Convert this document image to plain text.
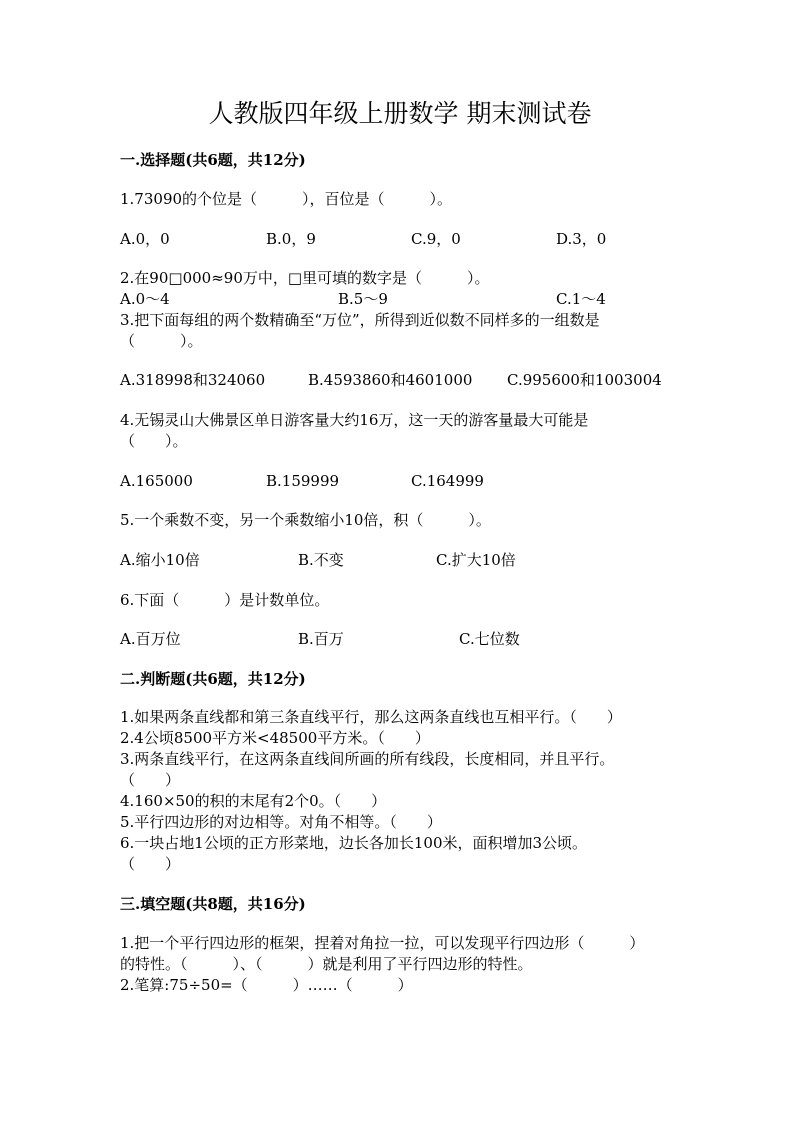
人教版四年级上册数学 期末测试卷
一.选择题(共6题，共12分)
1.73090的个位是（　　　），百位是（　　　）。
A.0，0	B.0，9	C.9，0	D.3，0
2.在90□000≈90万中，□里可填的数字是（　　　）。
A.0～4	B.5～9	C.1～4
3.把下面每组的两个数精确至“万位”，所得到近似数不同样多的一组数是
（　　　）。
A.318998和324060	B.4593860和4601000 C.995600和1003004
4.无锡灵山大佛景区单日游客量大约16万，这一天的游客量最大可能是
（　　）。
A.165000	B.159999	C.164999
5.一个乘数不变，另一个乘数缩小10倍，积（　　　）。
A.缩小10倍	B.不变	C.扩大10倍
6.下面（　　　）是计数单位。
A.百万位	B.百万	C.七位数
二.判断题(共6题，共12分)
1.如果两条直线都和第三条直线平行，那么这两条直线也互相平行。（　　）
2.4公顷8500平方米<48500平方米。（　　）
3.两条直线平行，在这两条直线间所画的所有线段，长度相同，并且平行。
（　　）
4.160×50的积的末尾有2个0。（　　）
5.平行四边形的对边相等。对角不相等。（　　）
6.一块占地1公顷的正方形菜地，边长各加长100米，面积增加3公顷。
（　　）
三.填空题(共8题，共16分)
1.把一个平行四边形的框架，捏着对角拉一拉，可以发现平行四边形（　　　）
的特性。（　　　）、（　　　）就是利用了平行四边形的特性。
2.笔算:75÷50=（　　　）……（　　　）
